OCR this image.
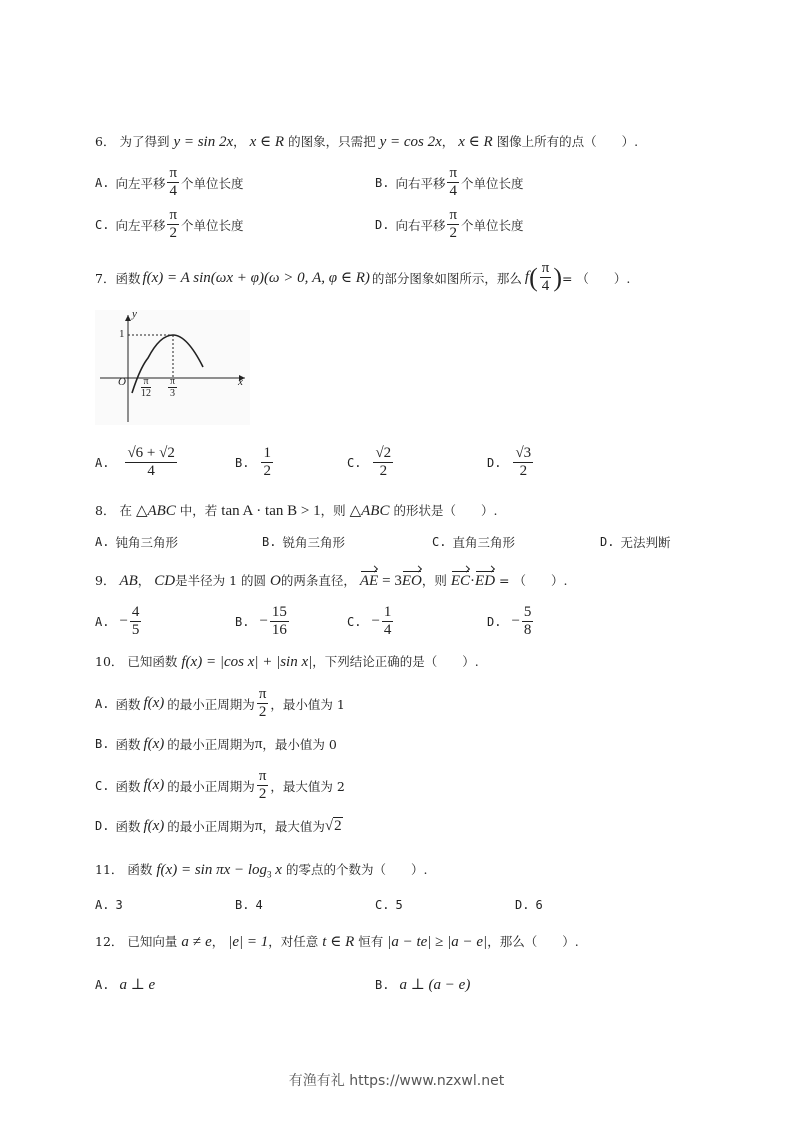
6． 为了得到 y = sin 2x， x ∈ R 的图象，只需把 y = cos 2x， x ∈ R 图像上所有的点（　　）.
A. 向左平移 $\frac{\pi}{4}$ 个单位长度	B. 向右平移 $\frac{\pi}{4}$ 个单位长度
C. 向左平移 $\frac{\pi}{2}$ 个单位长度	D. 向右平移 $\frac{\pi}{2}$ 个单位长度
7． 函数 f(x) = A sin(ωx + φ)(ω > 0, A, φ ∈ R) 的部分图象如图所示，那么 f ( $\frac{\pi}{4}$ ) = （　　）.
y
x
O
1
$\frac{\pi}{12} \frac{\pi}{3}$
A. $\frac{√6 + √2}{4}$	B. $\frac{1}{2}$	C. $\frac{√2}{2}$	D. $\frac{√3}{2}$
8． 在 △ABC 中，若 tan A · tan B > 1，则 △ABC 的形状是（　　）.
A. 钝角三角形	B. 锐角三角形	C. 直角三角形	D. 无法判断
9． AB， CD是半径为 1 的圆 O的两条直径， AE = 3EO，则 EC·ED = （　　）.
A. − $\frac{4}{5}$	B. − $\frac{15}{16}$	C. − $\frac{1}{4}$	D. − $\frac{5}{8}$
10． 已知函数 f(x) = |cos x| + |sin x|，下列结论正确的是（　　）.
A. 函数 f(x) 的最小正周期为 $\frac{\pi}{2}$ ，最小值为 1
B. 函数 f(x) 的最小正周期为 π ，最小值为 0
C. 函数 f(x) 的最小正周期为 $\frac{\pi}{2}$ ，最大值为 2
D. 函数 f(x) 的最小正周期为 π ，最大值为 √ 2
11． 函数 $f(x) = \sin \pi x - \log_3 x$ 的零点的个数为（　　）.
A. 3	B. 4	C. 5	D. 6
12． 已知向量 a ≠ e， |e| = 1，对任意 t ∈ R 恒有 |a − te| ≥ |a − e|，那么（　　）.
A. a ⊥ e	B. a ⊥ (a − e)
有渔有礼 https://www.nzxwl.net
